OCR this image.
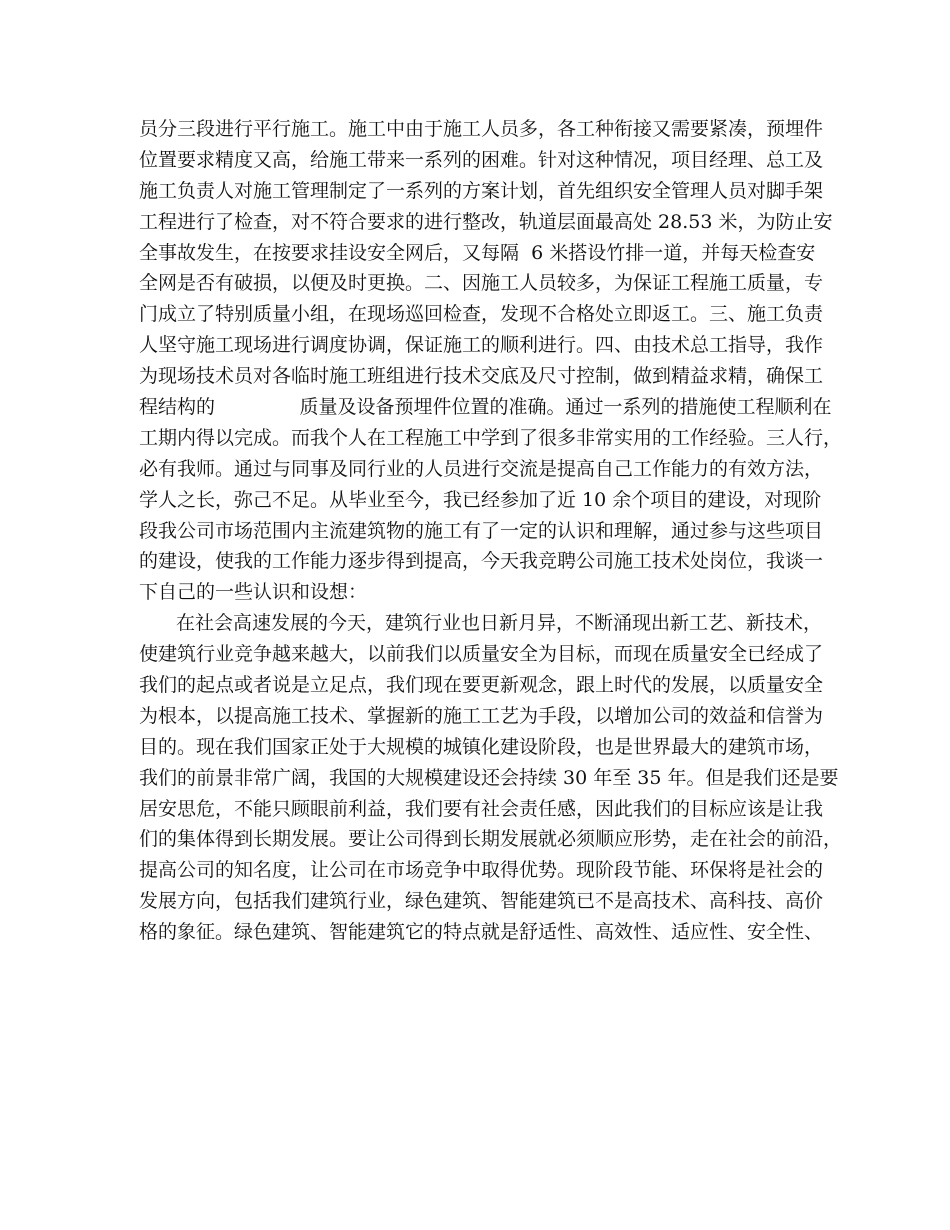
员分三段进行平行施工。施工中由于施工人员多，各工种衔接又需要紧凑，预埋件
位置要求精度又高，给施工带来一系列的困难。针对这种情况，项目经理、总工及
施工负责人对施工管理制定了一系列的方案计划，首先组织安全管理人员对脚手架
工程进行了检查，对不符合要求的进行整改，轨道层面最高处 28.53 米，为防止安
全事故发生，在按要求挂设安全网后，又每隔  6 米搭设竹排一道，并每天检查安
全网是否有破损，以便及时更换。二、因施工人员较多，为保证工程施工质量，专
门成立了特别质量小组，在现场巡回检查，发现不合格处立即返工。三、施工负责
人坚守施工现场进行调度协调，保证施工的顺利进行。四、由技术总工指导，我作
为现场技术员对各临时施工班组进行技术交底及尺寸控制，做到精益求精，确保工
程结构的              质量及设备预埋件位置的准确。通过一系列的措施使工程顺利在
工期内得以完成。而我个人在工程施工中学到了很多非常实用的工作经验。三人行，
必有我师。通过与同事及同行业的人员进行交流是提高自己工作能力的有效方法，
学人之长，弥己不足。从毕业至今，我已经参加了近 10 余个项目的建设，对现阶
段我公司市场范围内主流建筑物的施工有了一定的认识和理解，通过参与这些项目
的建设，使我的工作能力逐步得到提高，今天我竞聘公司施工技术处岗位，我谈一
下自己的一些认识和设想：
在社会高速发展的今天，建筑行业也日新月异，不断涌现出新工艺、新技术，
使建筑行业竞争越来越大，以前我们以质量安全为目标，而现在质量安全已经成了
我们的起点或者说是立足点，我们现在要更新观念，跟上时代的发展，以质量安全
为根本，以提高施工技术、掌握新的施工工艺为手段，以增加公司的效益和信誉为
目的。现在我们国家正处于大规模的城镇化建设阶段，也是世界最大的建筑市场，
我们的前景非常广阔，我国的大规模建设还会持续 30 年至 35 年。但是我们还是要
居安思危，不能只顾眼前利益，我们要有社会责任感，因此我们的目标应该是让我
们的集体得到长期发展。要让公司得到长期发展就必须顺应形势，走在社会的前沿，
提高公司的知名度，让公司在市场竞争中取得优势。现阶段节能、环保将是社会的
发展方向，包括我们建筑行业，绿色建筑、智能建筑已不是高技术、高科技、高价
格的象征。绿色建筑、智能建筑它的特点就是舒适性、高效性、适应性、安全性、
